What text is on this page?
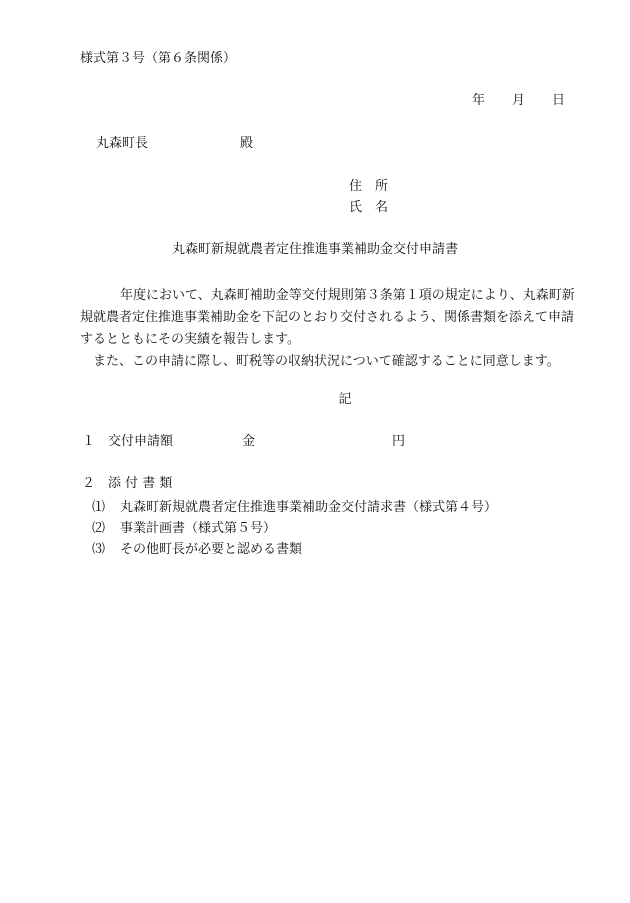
様式第３号（第６条関係）
年 月 日
丸森町長	殿
住　所
氏　名
丸森町新規就農者定住推進事業補助金交付申請書

年度において、丸森町補助金等交付規則第３条第１項の規定により、丸森町新規就農者定住推進事業補助金を下記のとおり交付されるよう、関係書類を添えて申請するとともにその実績を報告します。

また、この申請に際し、町税等の収納状況について確認することに同意します。

記
１　交付申請額	金	円
２　添 付 書 類
⑴ 丸森町新規就農者定住推進事業補助金交付請求書（様式第４号）
⑵ 事業計画書（様式第５号）
⑶ その他町長が必要と認める書類
